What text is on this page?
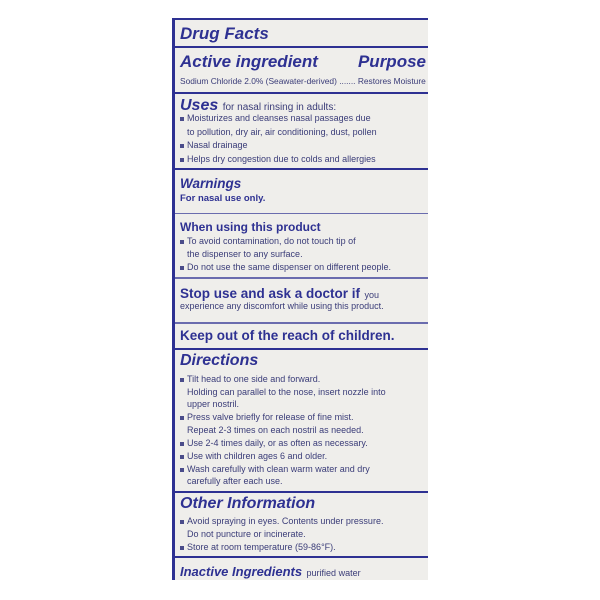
Drug Facts
Active ingredient Purpose
Sodium Chloride 2.0% (Seawater-derived) ....... Restores Moisture
Uses for nasal rinsing in adults:
Moisturizes and cleanses nasal passages due
to pollution, dry air, air conditioning, dust, pollen
Nasal drainage
Helps dry congestion due to colds and allergies
Warnings
For nasal use only.
When using this product
To avoid contamination, do not touch tip of
the dispenser to any surface.
Do not use the same dispenser on different people.
Stop use and ask a doctor if you
experience any discomfort while using this product.
Keep out of the reach of children.
Directions
Tilt head to one side and forward.
Holding can parallel to the nose, insert nozzle into
upper nostril.
Press valve briefly for release of fine mist.
Repeat 2-3 times on each nostril as needed.
Use 2-4 times daily, or as often as necessary.
Use with children ages 6 and older.
Wash carefully with clean warm water and dry
carefully after each use.
Other Information
Avoid spraying in eyes. Contents under pressure.
Do not puncture or incinerate.
Store at room temperature (59-86°F).
Inactive Ingredients purified water
